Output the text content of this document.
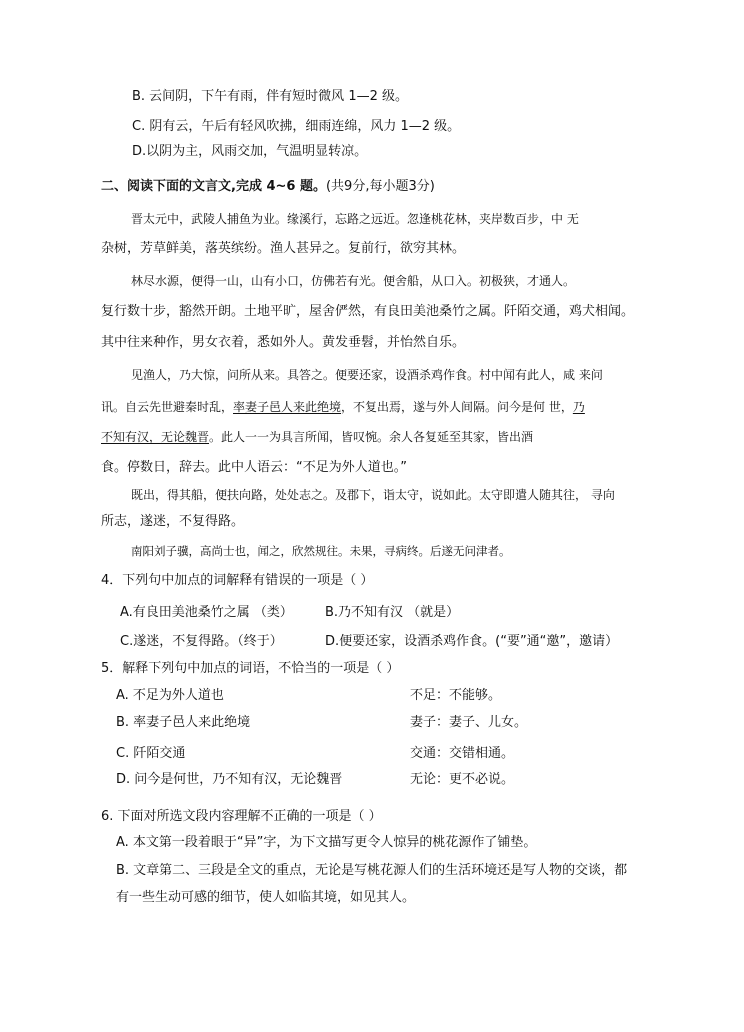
B. 云间阴，下午有雨，伴有短时微风 1—2 级。
C. 阴有云，午后有轻风吹拂，细雨连绵，风力 1—2 级。
D.以阴为主，风雨交加，气温明显转凉。
二、阅读下面的文言文,完成 4~6 题。(共9分,每小题3分)
晋太元中，武陵人捕鱼为业。缘溪行，忘路之远近。忽逢桃花林，夹岸数百步，中 无
杂树，芳草鲜美，落英缤纷。渔人甚异之。复前行，欲穷其林。
林尽水源，便得一山，山有小口，仿佛若有光。便舍船，从口入。初极狭，才通人。
复行数十步，豁然开朗。土地平旷，屋舍俨然，有良田美池桑竹之属。阡陌交通，鸡犬相闻。
其中往来种作，男女衣着，悉如外人。黄发垂髫，并怡然自乐。
见渔人，乃大惊，问所从来。具答之。便要还家，设酒杀鸡作食。村中闻有此人，咸 来问
讯。自云先世避秦时乱，率妻子邑人来此绝境，不复出焉，遂与外人间隔。问今是何 世，乃
不知有汉，无论魏晋。此人一一为具言所闻，皆叹惋。余人各复延至其家，皆出酒
食。停数日，辞去。此中人语云：“不足为外人道也。”
既出，得其船，便扶向路，处处志之。及郡下，诣太守，说如此。太守即遣人随其往， 寻向
所志，遂迷，不复得路。
南阳刘子骥，高尚士也，闻之，欣然规往。未果，寻病终。后遂无问津者。
4．下列句中加点的词解释有错误的一项是（ ）
A.有良田美池桑竹之属 （类） B.乃不知有汉 （就是）
C.遂迷，不复得路。（终于）	D.便要还家，设酒杀鸡作食。(“要”通“邀”，邀请）
5．解释下列句中加点的词语，不恰当的一项是（ ）
A. 不足为外人道也	不足：不能够。
B. 率妻子邑人来此绝境	妻子：妻子、儿女。
C. 阡陌交通	交通：交错相通。
D. 问今是何世，乃不知有汉，无论魏晋	无论：更不必说。
6. 下面对所选文段内容理解不正确的一项是（ ）
A. 本文第一段着眼于“异”字，为下文描写更令人惊异的桃花源作了铺垫。
B. 文章第二、三段是全文的重点，无论是写桃花源人们的生活环境还是写人物的交谈，都
有一些生动可感的细节，使人如临其境，如见其人。
